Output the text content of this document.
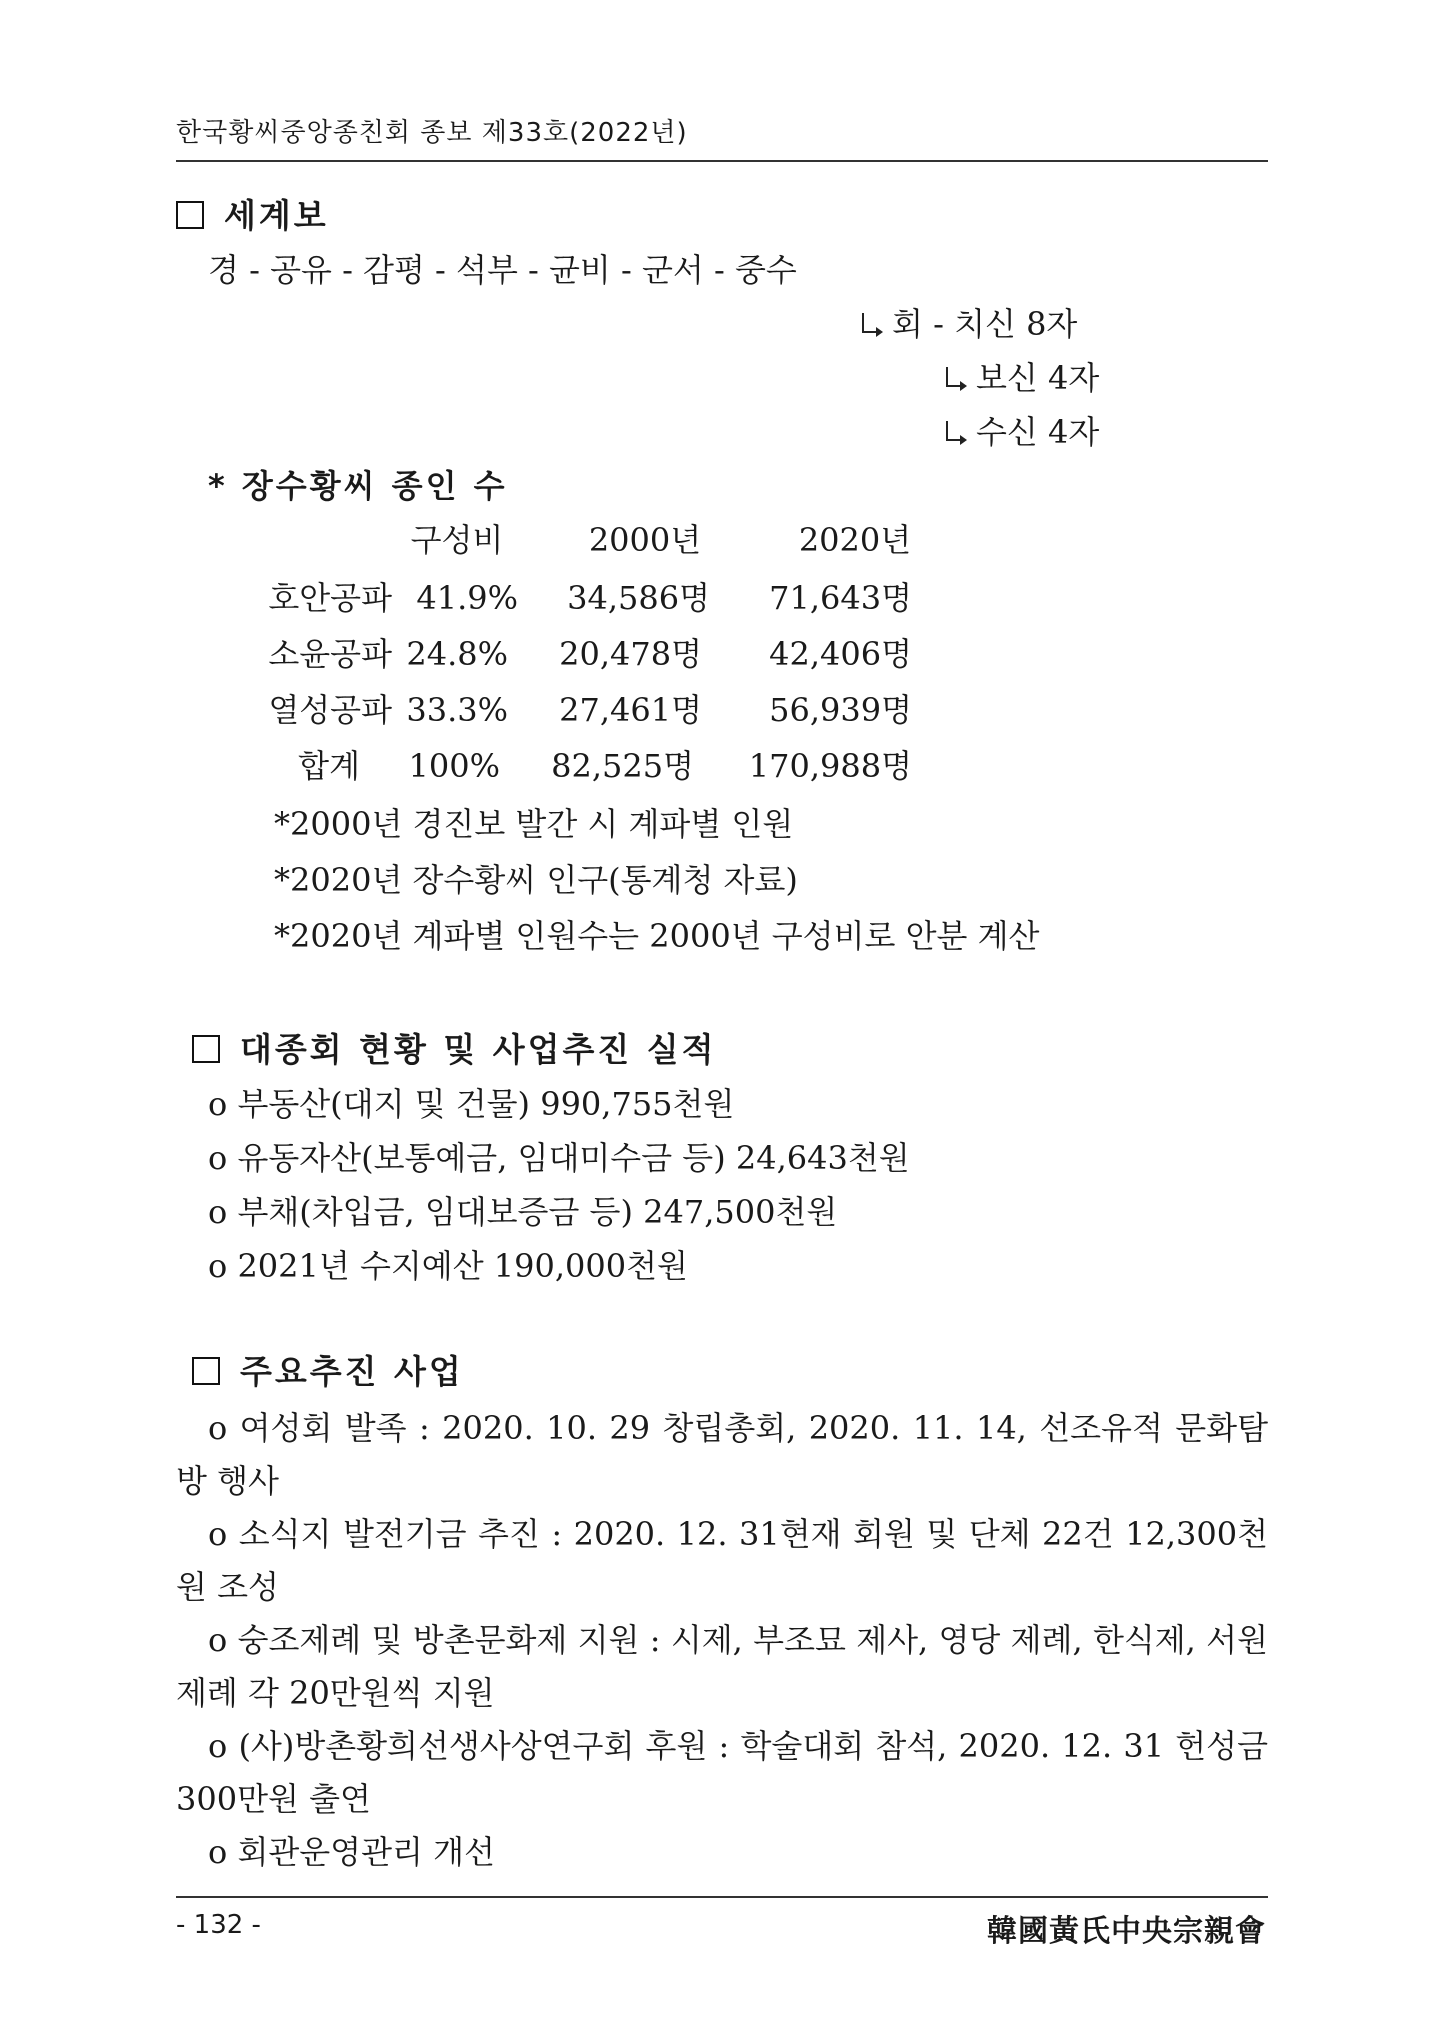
한국황씨중앙종친회 종보 제33호(2022년)
세계보
경 - 공유 - 감평 - 석부 - 균비 - 군서 - 중수
회 - 치신 8자
보신 4자
수신 4자
* 장수황씨 종인 수
구성비	2000년	2020년
호안공파 41.9% 34,586명	71,643명
소윤공파 24.8% 20,478명	42,406명
열성공파 33.3% 27,461명	56,939명
합계 100%	82,525명 170,988명
*2000년 경진보 발간 시 계파별 인원
*2020년 장수황씨 인구(통계청 자료)
*2020년 계파별 인원수는 2000년 구성비로 안분 계산
대종회 현황 및 사업추진 실적
o 부동산(대지 및 건물) 990,755천원
o 유동자산(보통예금, 임대미수금 등) 24,643천원
o 부채(차입금, 임대보증금 등) 247,500천원
o 2021년 수지예산 190,000천원
주요추진 사업
o 여성회 발족 : 2020. 10. 29 창립총회, 2020. 11. 14, 선조유적 문화탐방 행사
o 소식지 발전기금 추진 : 2020. 12. 31현재 회원 및 단체 22건 12,300천원 조성
o 숭조제례 및 방촌문화제 지원 : 시제, 부조묘 제사, 영당 제례, 한식제, 서원제례 각 20만원씩 지원
o (사)방촌황희선생사상연구회 후원 : 학술대회 참석, 2020. 12. 31 헌성금 300만원 출연
o 회관운영관리 개선
- 132 -	韓國黃氏中央宗親會
